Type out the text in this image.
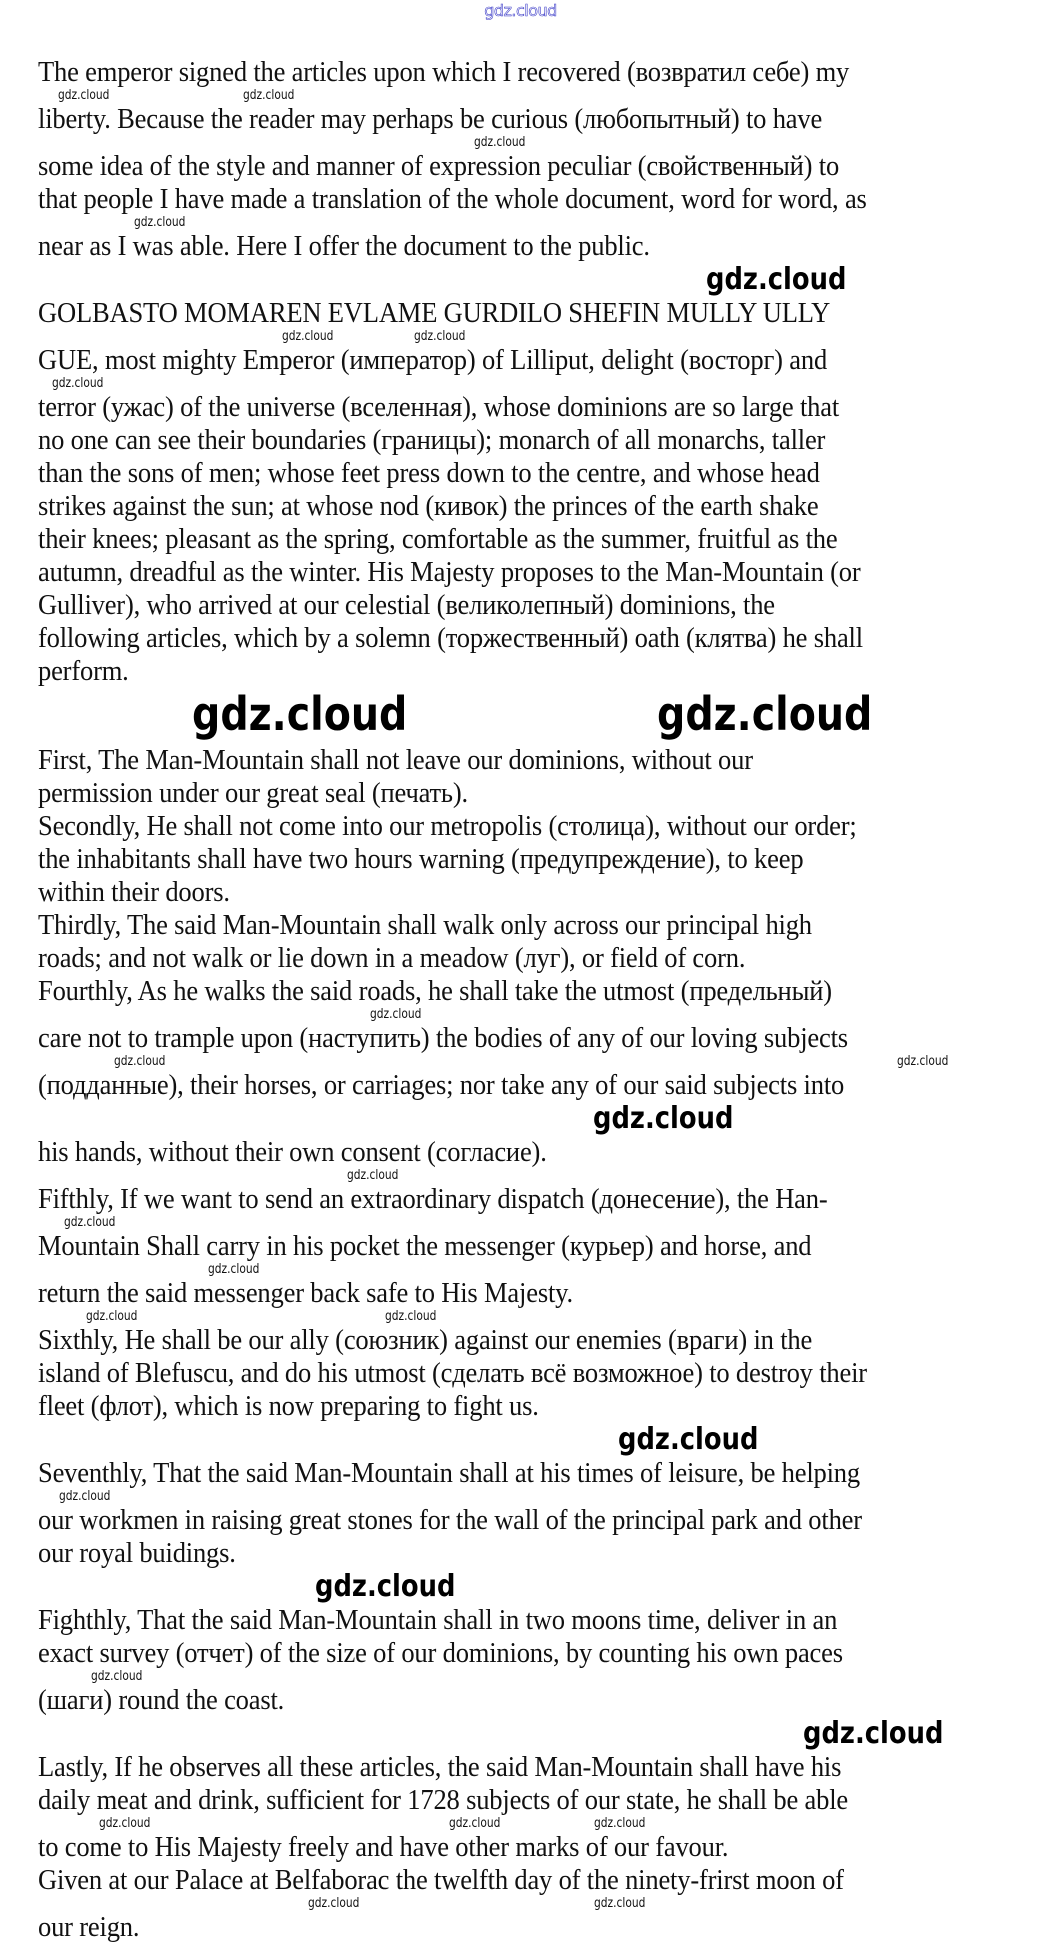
gdz.cloud
The emperor signed the articles upon which I recovered (возвратил себе) my
gdz.cloud	gdz.cloud
liberty. Because the reader may perhaps be curious (любопытный) to have
gdz.cloud
some idea of the style and manner of expression peculiar (свойственный) to
that people I have made a translation of the whole document, word for word, as
gdz.cloud
near as I was able. Here I offer the document to the public.
gdz.cloud
GOLBASTO MOMAREN EVLAME GURDILO SHEFIN MULLY ULLY
gdz.cloud	gdz.cloud
GUE, most mighty Emperor (император) of Lilliput, delight (восторг) and
gdz.cloud
terror (ужас) of the universe (вселенная), whose dominions are so large that
no one can see their boundaries (границы); monarch of all monarchs, taller
than the sons of men; whose feet press down to the centre, and whose head
strikes against the sun; at whose nod (кивок) the princes of the earth shake
their knees; pleasant as the spring, comfortable as the summer, fruitful as the
autumn, dreadful as the winter. His Majesty proposes to the Man-Mountain (or
Gulliver), who arrived at our celestial (великолепный) dominions, the
following articles, which by a solemn (торжественный) oath (клятва) he shall
perform.
gdz.cloud	gdz.cloud
First, The Man-Mountain shall not leave our dominions, without our
permission under our great seal (печать).
Secondly, He shall not come into our metropolis (столица), without our order;
the inhabitants shall have two hours warning (предупреждение), to keep
within their doors.
Thirdly, The said Man-Mountain shall walk only across our principal high
roads; and not walk or lie down in a meadow (луг), or field of corn.
Fourthly, As he walks the said roads, he shall take the utmost (предельный)
gdz.cloud
care not to trample upon (наступить) the bodies of any of our loving subjects
gdz.cloud	gdz.cloud
(подданные), their horses, or carriages; nor take any of our said subjects into
gdz.cloud
his hands, without their own consent (согласие).
gdz.cloud
Fifthly, If we want to send an extraordinary dispatch (донесение), the Han-
gdz.cloud
Mountain Shall carry in his pocket the messenger (курьер) and horse, and
gdz.cloud
return the said messenger back safe to His Majesty.
gdz.cloud	gdz.cloud
Sixthly, He shall be our ally (союзник) against our enemies (враги) in the
island of Blefuscu, and do his utmost (сделать всё возможное) to destroy their
fleet (флот), which is now preparing to fight us.
gdz.cloud
Seventhly, That the said Man-Mountain shall at his times of leisure, be helping
gdz.cloud
our workmen in raising great stones for the wall of the principal park and other
our royal buidings.
gdz.cloud
Fighthly, That the said Man-Mountain shall in two moons time, deliver in an
exact survey (отчет) of the size of our dominions, by counting his own paces
gdz.cloud
(шаги) round the coast.
gdz.cloud
Lastly, If he observes all these articles, the said Man-Mountain shall have his
daily meat and drink, sufficient for 1728 subjects of our state, he shall be able
gdz.cloud	gdz.cloud	gdz.cloud
to come to His Majesty freely and have other marks of our favour.
Given at our Palace at Belfaborac the twelfth day of the ninety-frirst moon of
gdz.cloud	gdz.cloud
our reign.
